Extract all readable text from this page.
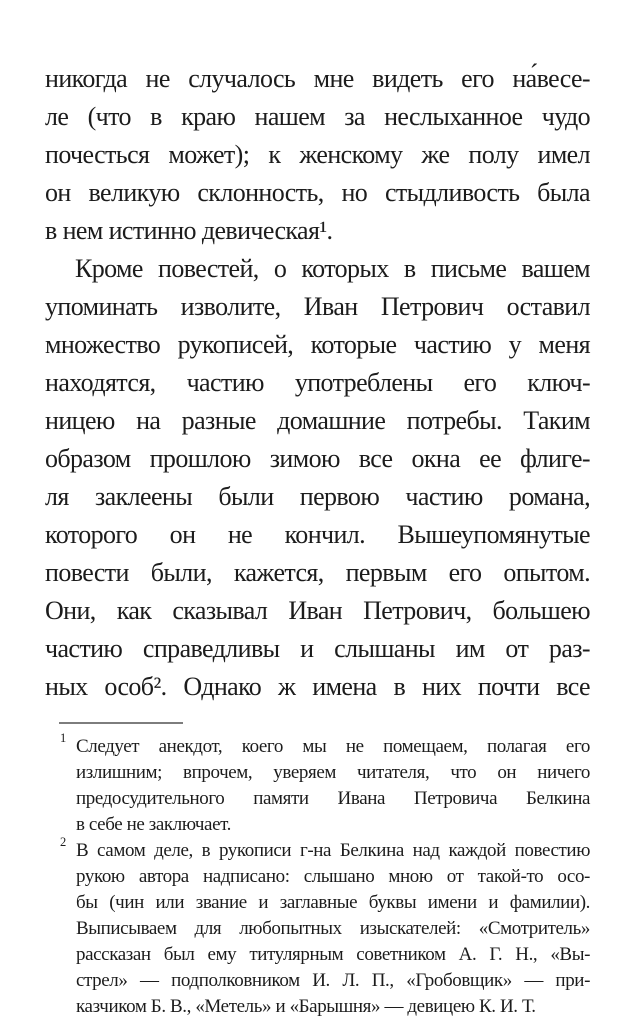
никогда не случалось мне видеть его на́весе-
ле (что в краю нашем за неслыханное чудо
почесться может); к женскому же полу имел
он великую склонность, но стыдливость была
в нем истинно девическая¹.
Кроме повестей, о которых в письме вашем
упоминать изволите, Иван Петрович оставил
множество рукописей, которые частию у меня
находятся, частию употреблены его ключ-
ницею на разные домашние потребы. Таким
образом прошлою зимою все окна ее флиге-
ля заклеены были первою частию романа,
которого он не кончил. Вышеупомянутые
повести были, кажется, первым его опытом.
Они, как сказывал Иван Петрович, большею
частию справедливы и слышаны им от раз-
ных особ². Однако ж имена в них почти все
1 Следует анекдот, коего мы не помещаем, полагая его
излишним; впрочем, уверяем читателя, что он ничего
предосудительного памяти Ивана Петровича Белкина
в себе не заключает.
2 В самом деле, в рукописи г-на Белкина над каждой повестию
рукою автора надписано: слышано мною от такой-то осо-
бы (чин или звание и заглавные буквы имени и фамилии).
Выписываем для любопытных изыскателей: «Смотритель»
рассказан был ему титулярным советником А. Г. Н., «Вы-
стрел» — подполковником И. Л. П., «Гробовщик» — при-
казчиком Б. В., «Метель» и «Барышня» — девицею К. И. Т.
